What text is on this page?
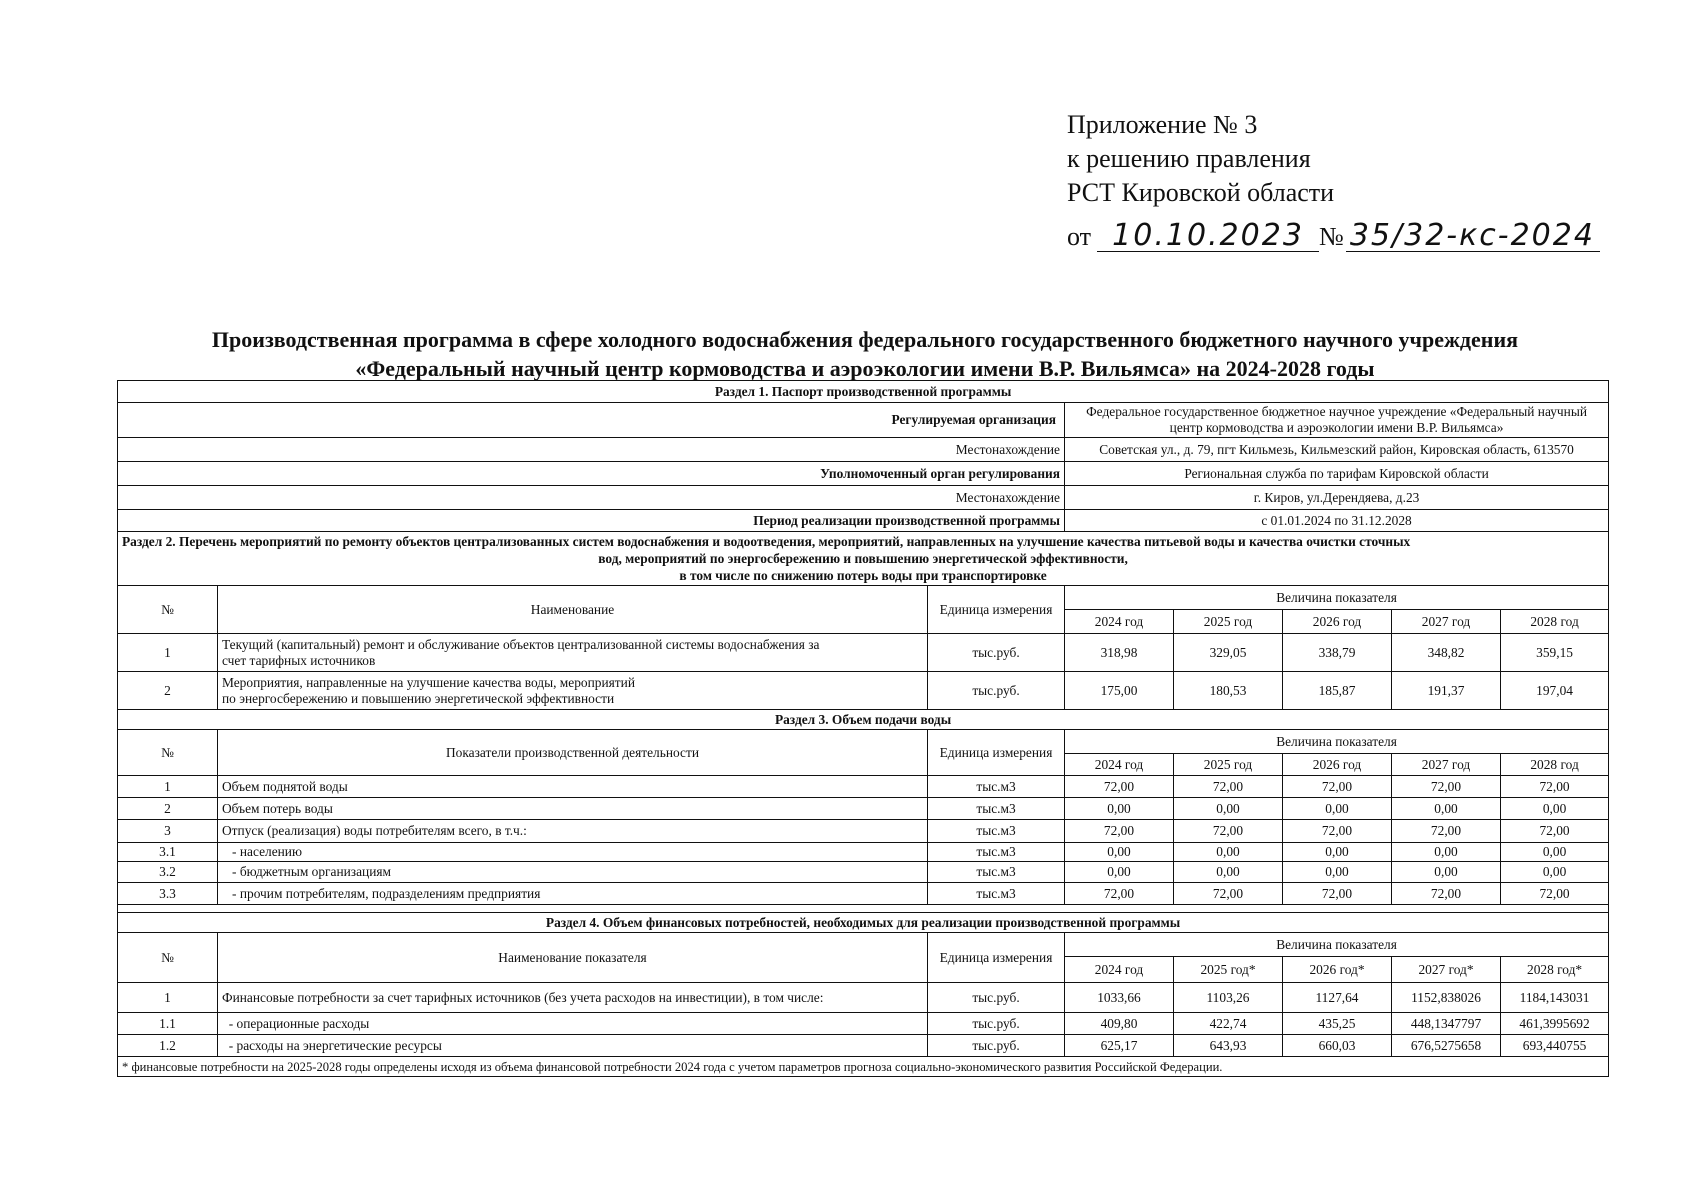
Приложение № 3
к решению правления
РСТ Кировской области
от 10.10.2023 № 35/32-кс-2024
Производственная программа в сфере холодного водоснабжения федерального государственного бюджетного научного учреждения
«Федеральный научный центр кормоводства и аэроэкологии имени В.Р. Вильямса» на 2024-2028 годы
Раздел 1. Паспорт производственной программы							
Регулируемая организация			Федеральное государственное бюджетное научное учреждение «Федеральный научный центр кормоводства и аэроэкологии имени В.Р. Вильямса»				
Местонахождение			Советская ул., д. 79, пгт Кильмезь, Кильмезский район, Кировская область, 613570				
Уполномоченный орган регулирования			Региональная служба по тарифам Кировской области				
Местонахождение			г. Киров, ул.Дерендяева, д.23				
Период реализации производственной программы			с 01.01.2024 по 31.12.2028				

Раздел 2. Перечень мероприятий по ремонту объектов централизованных систем водоснабжения и водоотведения, мероприятий, направленных на улучшение качества питьевой воды и качества очистки сточных
вод, мероприятий по энергосбережению и повышению энергетической эффективности,
в том числе по снижению потерь воды при транспортировке							

№	Наименование	Единица измерения	Величина показателя				
			2024 год	2025 год	2026 год	2027 год	2028 год
1	Текущий (капитальный) ремонт и обслуживание объектов централизованной системы водоснабжения за
счет тарифных источников	тыс.руб.	318,98	329,05	338,79	348,82	359,15
2	Мероприятия, направленные на улучшение качества воды, мероприятий
по энергосбережению и повышению энергетической эффективности	тыс.руб.	175,00	180,53	185,87	191,37	197,04
Раздел 3. Объем подачи воды							
№	Показатели производственной деятельности	Единица измерения	Величина показателя				
			2024 год	2025 год	2026 год	2027 год	2028 год
1	Объем поднятой воды	тыс.м3	72,00	72,00	72,00	72,00	72,00
2	Объем потерь воды	тыс.м3	0,00	0,00	0,00	0,00	0,00
3	Отпуск (реализация) воды потребителям всего, в т.ч.:	тыс.м3	72,00	72,00	72,00	72,00	72,00
3.1	- населению	тыс.м3	0,00	0,00	0,00	0,00	0,00
3.2	- бюджетным организациям	тыс.м3	0,00	0,00	0,00	0,00	0,00
3.3	- прочим потребителям, подразделениям предприятия	тыс.м3	72,00	72,00	72,00	72,00	72,00

Раздел 4. Объем финансовых потребностей, необходимых для реализации производственной программы							
№	Наименование показателя	Единица измерения	Величина показателя				
			2024 год	2025 год*	2026 год*	2027 год*	2028 год*
1	Финансовые потребности за счет тарифных источников (без учета расходов на инвестиции), в том числе:	тыс.руб.	1033,66	1103,26	1127,64	1152,838026	1184,143031
1.1	- операционные расходы	тыс.руб.	409,80	422,74	435,25	448,1347797	461,3995692
1.2	- расходы на энергетические ресурсы	тыс.руб.	625,17	643,93	660,03	676,5275658	693,440755
* финансовые потребности на 2025-2028 годы определены исходя из объема финансовой потребности 2024 года с учетом параметров прогноза социально-экономического развития Российской Федерации.							
